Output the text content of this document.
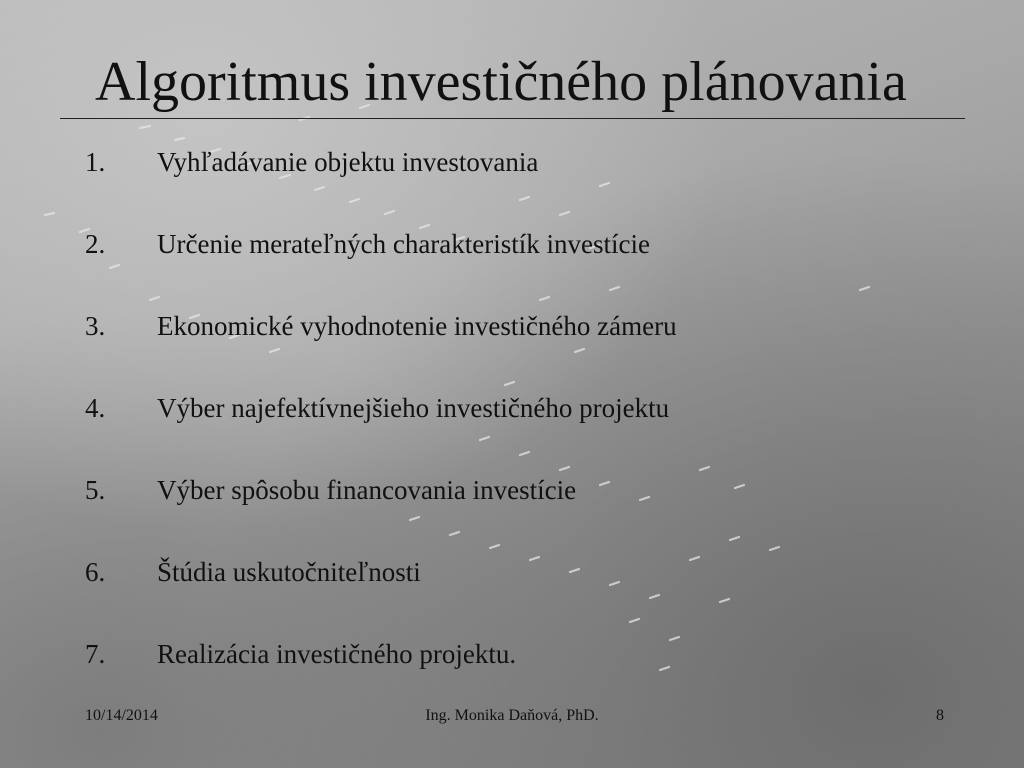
Algoritmus investičného plánovania
1.	Vyhľadávanie objektu investovania
2.	Určenie merateľných charakteristík investície
3.	Ekonomické vyhodnotenie investičného zámeru
4.	Výber najefektívnejšieho investičného projektu
5.	Výber spôsobu financovania investície
6.	Štúdia uskutočniteľnosti
7.	Realizácia investičného projektu.
10/14/2014	Ing. Monika Daňová, PhD.	8
